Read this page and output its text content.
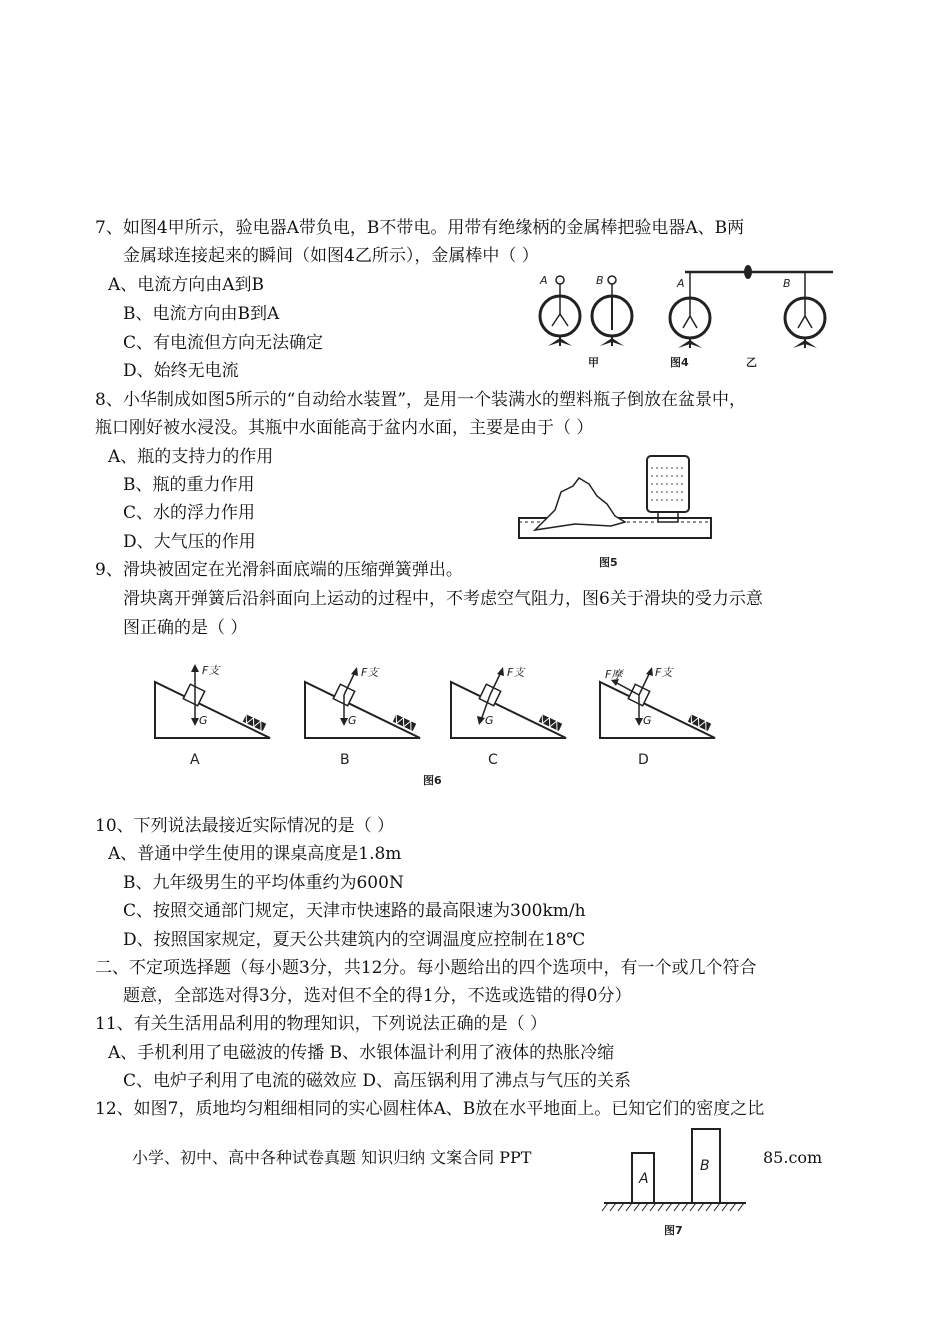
7、如图4甲所示，验电器A带负电，B不带电。用带有绝缘柄的金属棒把验电器A、B两
金属球连接起来的瞬间（如图4乙所示），金属棒中（ ）
A、电流方向由A到B
B、电流方向由B到A
C、有电流但方向无法确定
D、始终无电流
A	B
甲
A	B
图4	乙
8、小华制成如图5所示的“自动给水装置”，是用一个装满水的塑料瓶子倒放在盆景中，
瓶口刚好被水浸没。其瓶中水面能高于盆内水面，主要是由于（ ）
A、瓶的支持力的作用
B、瓶的重力作用
C、水的浮力作用
D、大气压的作用
图5
9、滑块被固定在光滑斜面底端的压缩弹簧弹出。
滑块离开弹簧后沿斜面向上运动的过程中，不考虑空气阻力，图6关于滑块的受力示意
图正确的是（ ）
F支
G
A
F支
G
B
F支
G
C
F支
F摩
G
D
图6
10、下列说法最接近实际情况的是（ ）
A、普通中学生使用的课桌高度是1.8m
B、九年级男生的平均体重约为600N
C、按照交通部门规定，天津市快速路的最高限速为300km/h
D、按照国家规定，夏天公共建筑内的空调温度应控制在18℃
二、不定项选择题（每小题3分，共12分。每小题给出的四个选项中，有一个或几个符合
题意，全部选对得3分，选对但不全的得1分，不选或选错的得0分）
11、有关生活用品利用的物理知识，下列说法正确的是（ ）
A、手机利用了电磁波的传播 B、水银体温计利用了液体的热胀冷缩
C、电炉子利用了电流的磁效应 D、高压锅利用了沸点与气压的关系
12、如图7，质地均匀粗细相同的实心圆柱体A、B放在水平地面上。已知它们的密度之比
小学、初中、高中各种试卷真题 知识归纳 文案合同 PPT	85.com
A
B
图7
